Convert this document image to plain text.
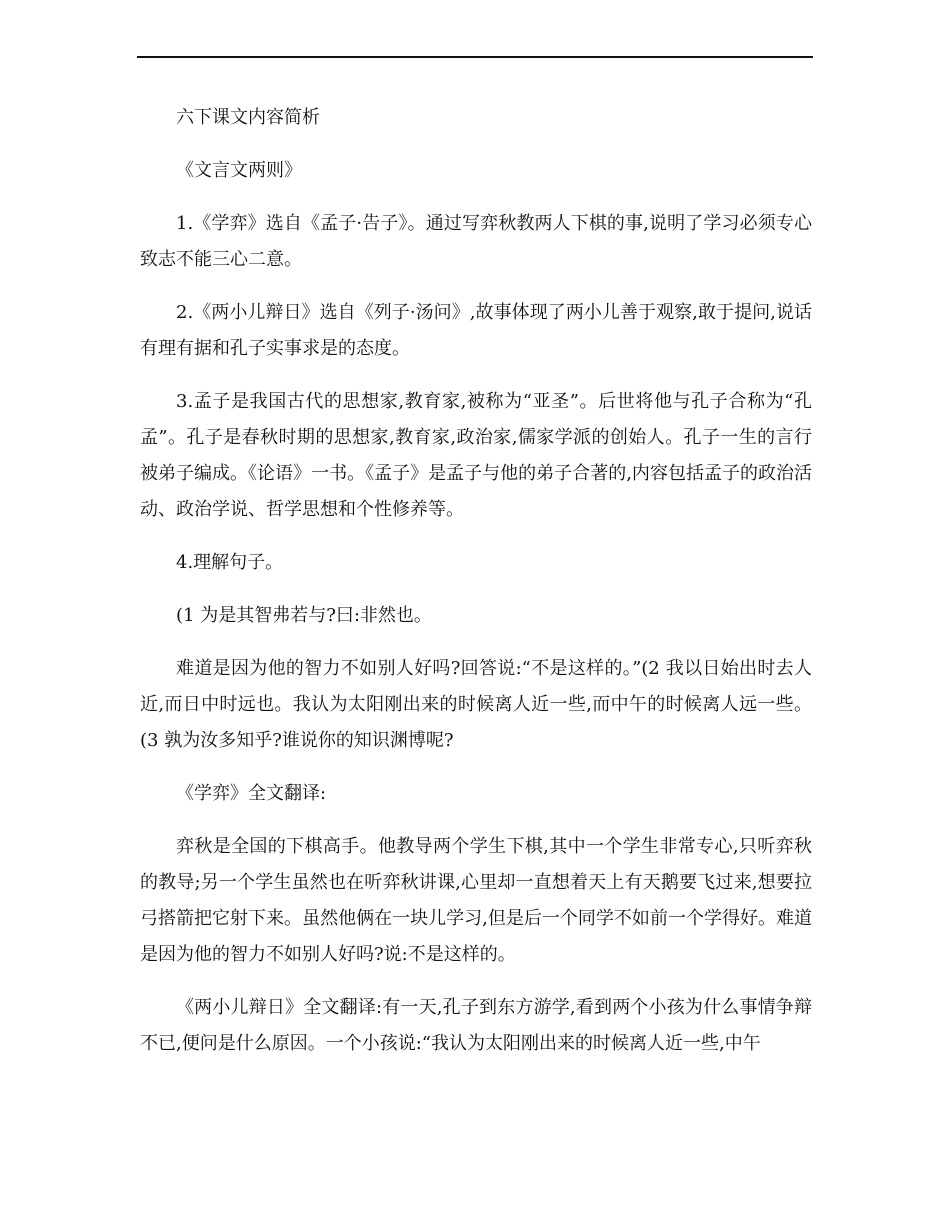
六下课文内容简析

《文言文两则》

1.《学弈》选自《孟子·告子》。通过写弈秋教两人下棋的事,说明了学习必须专心致志不能三心二意。

2.《两小儿辩日》选自《列子·汤问》,故事体现了两小儿善于观察,敢于提问,说话有理有据和孔子实事求是的态度。

3.孟子是我国古代的思想家,教育家,被称为“亚圣”。后世将他与孔子合称为“孔孟”。孔子是春秋时期的思想家,教育家,政治家,儒家学派的创始人。孔子一生的言行被弟子编成。《论语》一书。《孟子》是孟子与他的弟子合著的,内容包括孟子的政治活动、政治学说、哲学思想和个性修养等。

4.理解句子。

(1 为是其智弗若与?曰:非然也。

难道是因为他的智力不如别人好吗?回答说:“不是这样的。”(2 我以日始出时去人近,而日中时远也。我认为太阳刚出来的时候离人近一些,而中午的时候离人远一些。(3 孰为汝多知乎?谁说你的知识渊博呢?

《学弈》全文翻译:

弈秋是全国的下棋高手。他教导两个学生下棋,其中一个学生非常专心,只听弈秋的教导;另一个学生虽然也在听弈秋讲课,心里却一直想着天上有天鹅要飞过来,想要拉弓搭箭把它射下来。虽然他俩在一块儿学习,但是后一个同学不如前一个学得好。难道是因为他的智力不如别人好吗?说:不是这样的。

《两小儿辩日》全文翻译:有一天,孔子到东方游学,看到两个小孩为什么事情争辩不已,便问是什么原因。一个小孩说:“我认为太阳刚出来的时候离人近一些,中午
